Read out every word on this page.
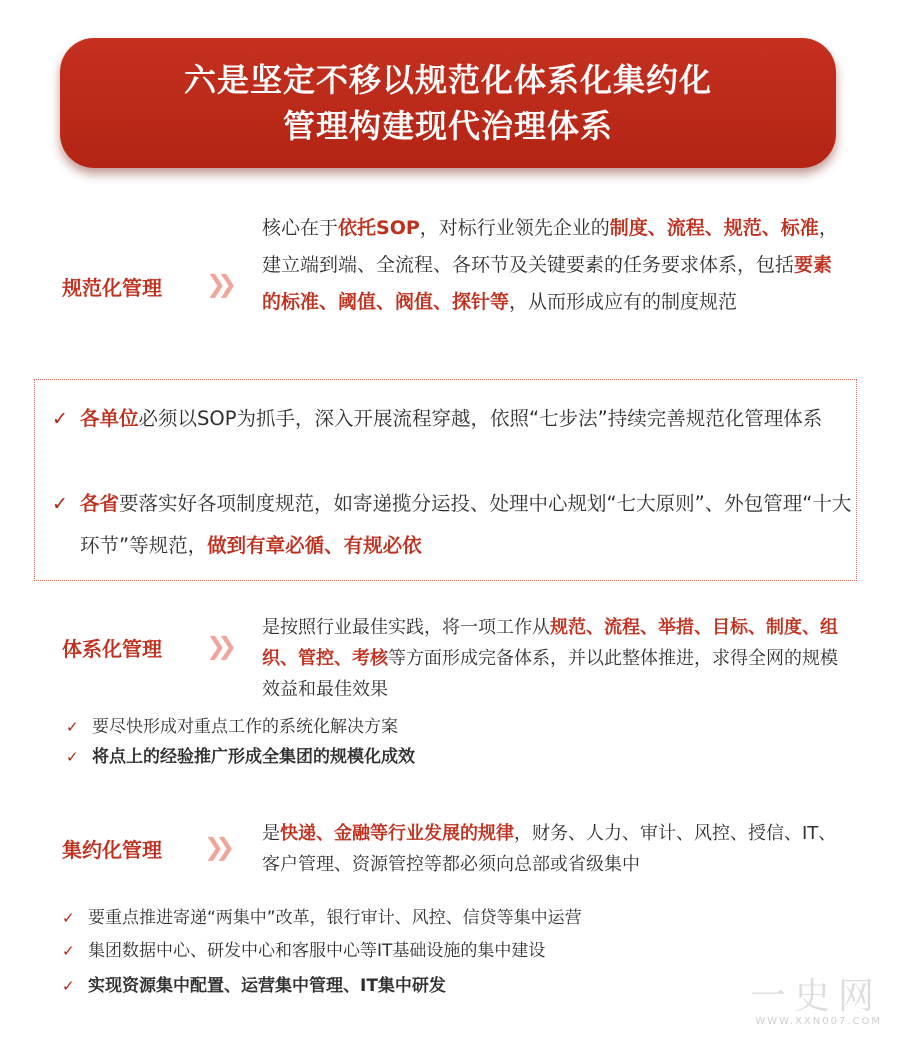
六是坚定不移以规范化体系化集约化
管理构建现代治理体系
规范化管理 ❯❯
核心在于依托SOP，对标行业领先企业的制度、流程、规范、标准，建立端到端、全流程、各环节及关键要素的任务要求体系，包括要素的标准、阈值、阀值、探针等，从而形成应有的制度规范
✓ 各单位必须以SOP为抓手，深入开展流程穿越，依照“七步法”持续完善规范化管理体系
✓ 各省要落实好各项制度规范，如寄递揽分运投、处理中心规划“七大原则”、外包管理“十大环节”等规范，做到有章必循、有规必依
体系化管理 ❯❯
是按照行业最佳实践，将一项工作从规范、流程、举措、目标、制度、组织、管控、考核等方面形成完备体系，并以此整体推进，求得全网的规模效益和最佳效果
✓ 要尽快形成对重点工作的系统化解决方案
✓ 将点上的经验推广形成全集团的规模化成效
集约化管理 ❯❯ 是快递、金融等行业发展的规律，财务、人力、审计、风控、授信、IT、客户管理、资源管控等都必须向总部或省级集中
✓ 要重点推进寄递“两集中”改革，银行审计、风控、信贷等集中运营
✓ 集团数据中心、研发中心和客服中心等IT基础设施的集中建设
✓ 实现资源集中配置、运营集中管理、IT集中研发	一史网
WWW.XXN007.COM
